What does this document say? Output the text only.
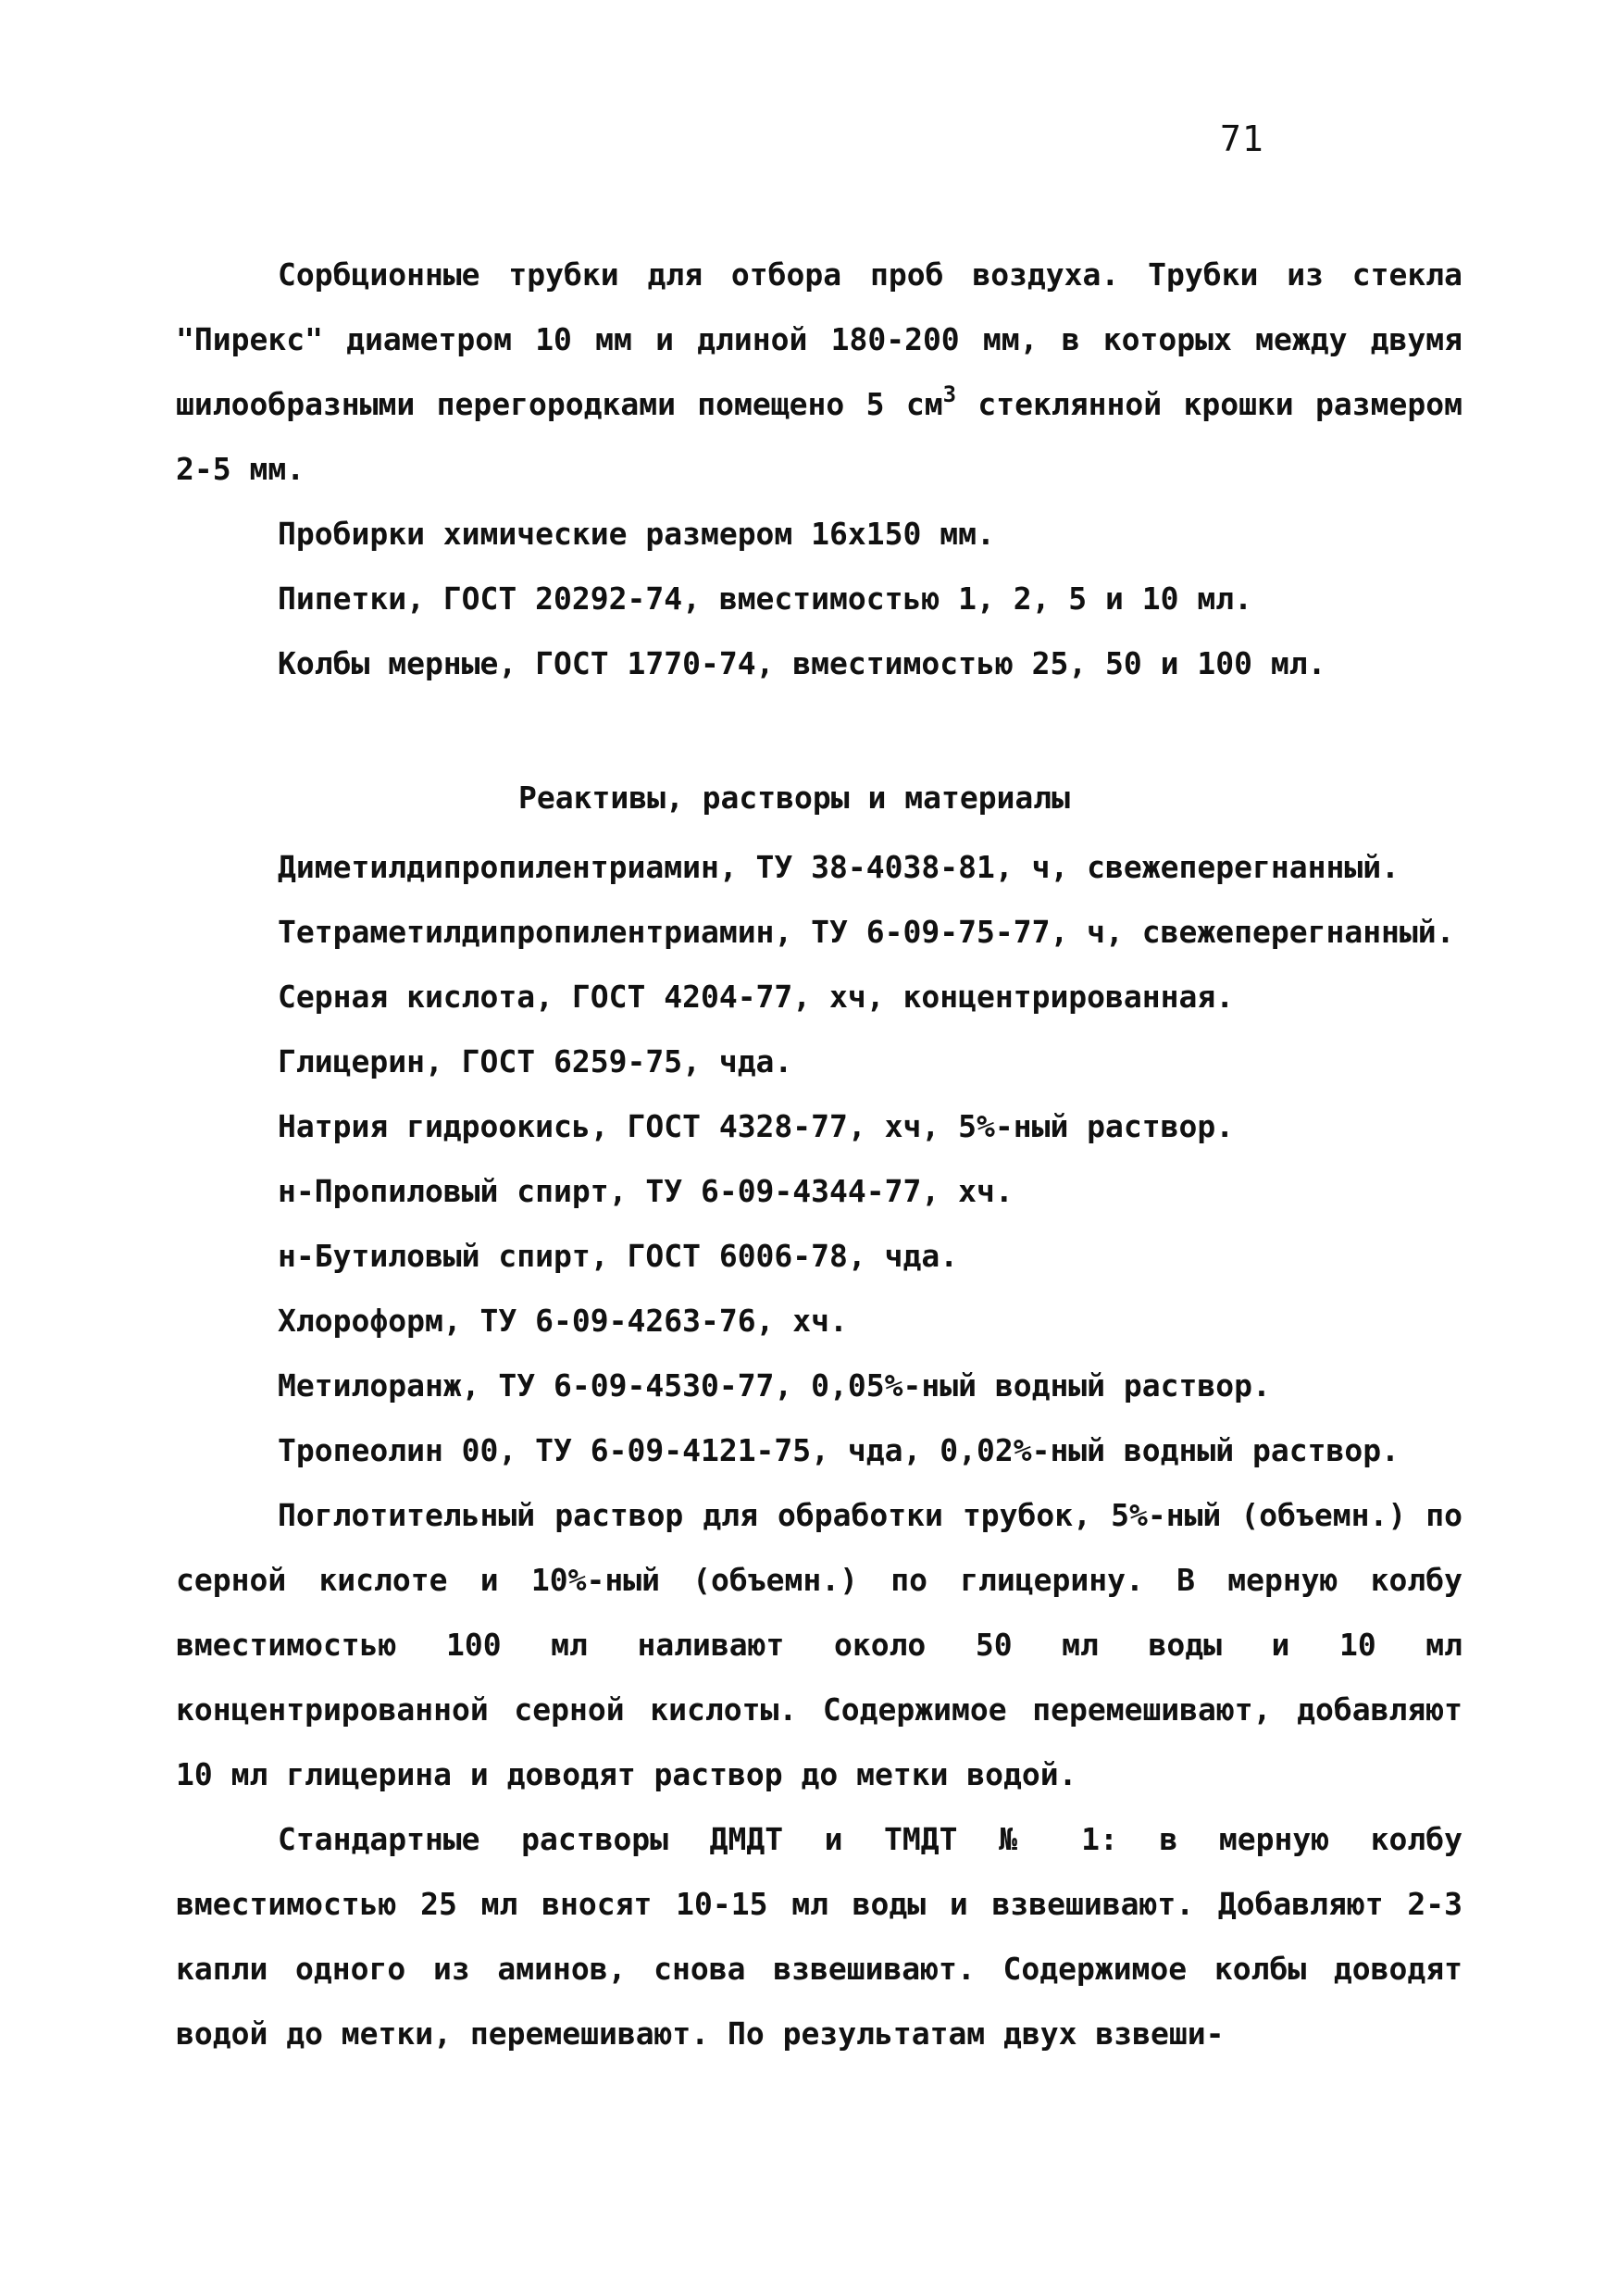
71

Сорбционные трубки для отбора проб воздуха. Трубки из стекла "Пирекс" диаметром 10 мм и длиной 180-200 мм, в которых между двумя шилообразными перегородками помещено 5 $см^3$ стеклянной крошки размером 2-5 мм.

Пробирки химические размером 16х150 мм.

Пипетки, ГОСТ 20292-74, вместимостью 1, 2, 5 и 10 мл.

Колбы мерные, ГОСТ 1770-74, вместимостью 25, 50 и 100 мл.

Реактивы, растворы и материалы

Диметилдипропилентриамин, ТУ 38-4038-81, ч, свежеперегнанный.

Тетраметилдипропилентриамин, ТУ 6-09-75-77, ч, свежеперегнанный.

Серная кислота, ГОСТ 4204-77, хч, концентрированная.

Глицерин, ГОСТ 6259-75, чда.

Натрия гидроокись, ГОСТ 4328-77, хч, 5%-ный раствор.

н-Пропиловый спирт, ТУ 6-09-4344-77, хч.

н-Бутиловый спирт, ГОСТ 6006-78, чда.

Хлороформ, ТУ 6-09-4263-76, хч.

Метилоранж, ТУ 6-09-4530-77, 0,05%-ный водный раствор.

Тропеолин 00, ТУ 6-09-4121-75, чда, 0,02%-ный водный раствор.

Поглотительный раствор для обработки трубок, 5%-ный (объемн.) по серной кислоте и 10%-ный (объемн.) по глицерину. В мерную колбу вместимостью 100 мл наливают около 50 мл воды и 10 мл концентрированной серной кислоты. Содержимое перемешивают, добавляют 10 мл глицерина и доводят раствор до метки водой.

Стандартные растворы ДМДТ и ТМДТ № 1: в мерную колбу вместимостью 25 мл вносят 10-15 мл воды и взвешивают. Добавляют 2-3 капли одного из аминов, снова взвешивают. Содержимое колбы доводят водой до метки, перемешивают. По результатам двух взвеши-
